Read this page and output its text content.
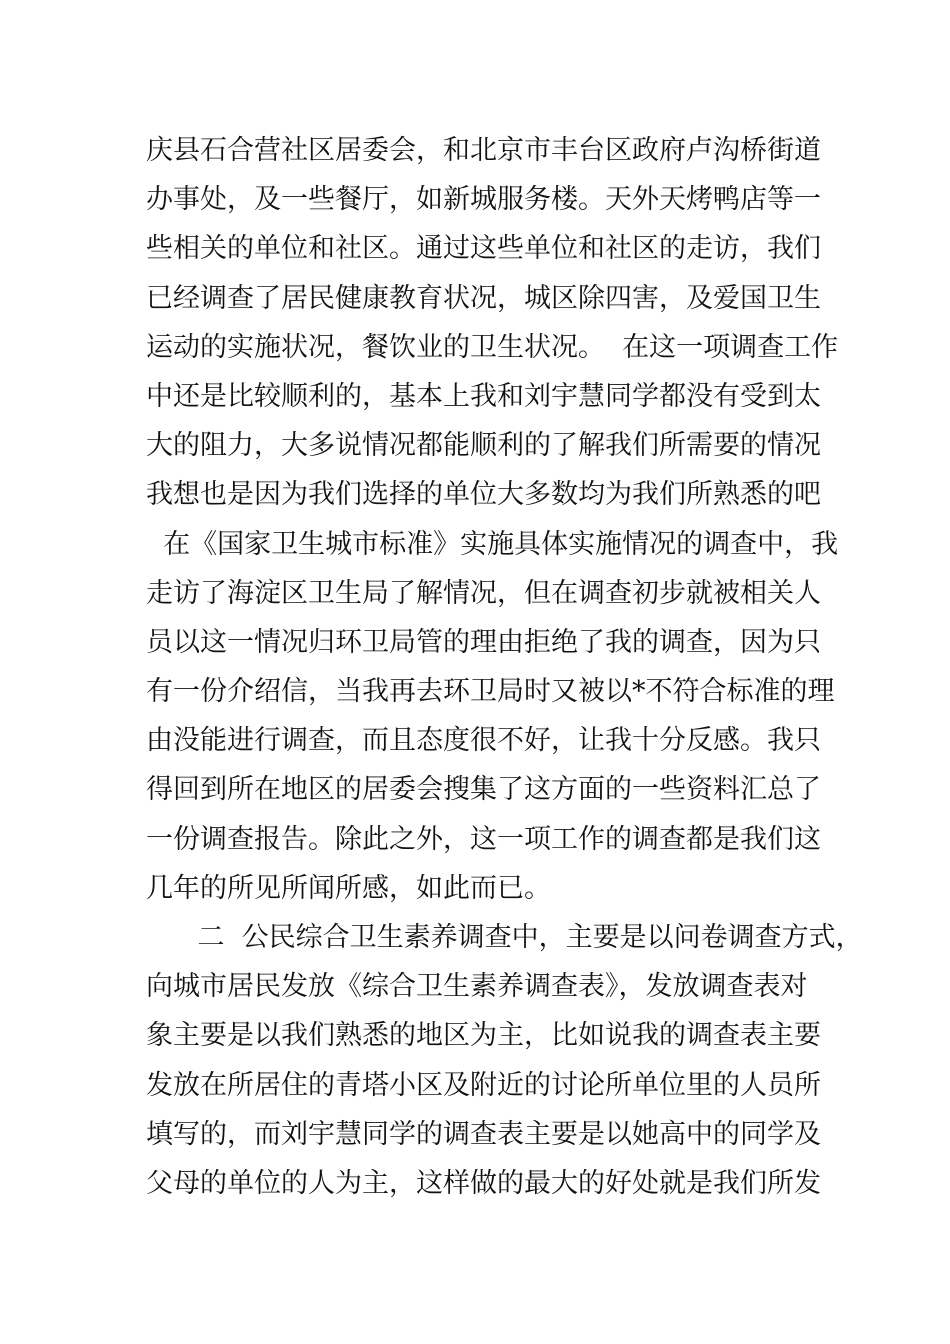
庆县石合营社区居委会，和北京市丰台区政府卢沟桥街道
办事处，及一些餐厅，如新城服务楼。天外天烤鸭店等一
些相关的单位和社区。通过这些单位和社区的走访，我们
已经调查了居民健康教育状况，城区除四害，及爱国卫生
运动的实施状况，餐饮业的卫生状况。  在这一项调查工作
中还是比较顺利的，基本上我和刘宇慧同学都没有受到太
大的阻力，大多说情况都能顺利的了解我们所需要的情况
我想也是因为我们选择的单位大多数均为我们所熟悉的吧
在《国家卫生城市标准》实施具体实施情况的调查中，我
走访了海淀区卫生局了解情况，但在调查初步就被相关人
员以这一情况归环卫局管的理由拒绝了我的调查，因为只
有一份介绍信，当我再去环卫局时又被以*不符合标准的理
由没能进行调查，而且态度很不好，让我十分反感。我只
得回到所在地区的居委会搜集了这方面的一些资料汇总了
一份调查报告。除此之外，这一项工作的调查都是我们这
几年的所见所闻所感，如此而已。
二  公民综合卫生素养调查中，主要是以问卷调查方式，
向城市居民发放《综合卫生素养调查表》，发放调查表对
象主要是以我们熟悉的地区为主，比如说我的调查表主要
发放在所居住的青塔小区及附近的讨论所单位里的人员所
填写的，而刘宇慧同学的调查表主要是以她高中的同学及
父母的单位的人为主，这样做的最大的好处就是我们所发
